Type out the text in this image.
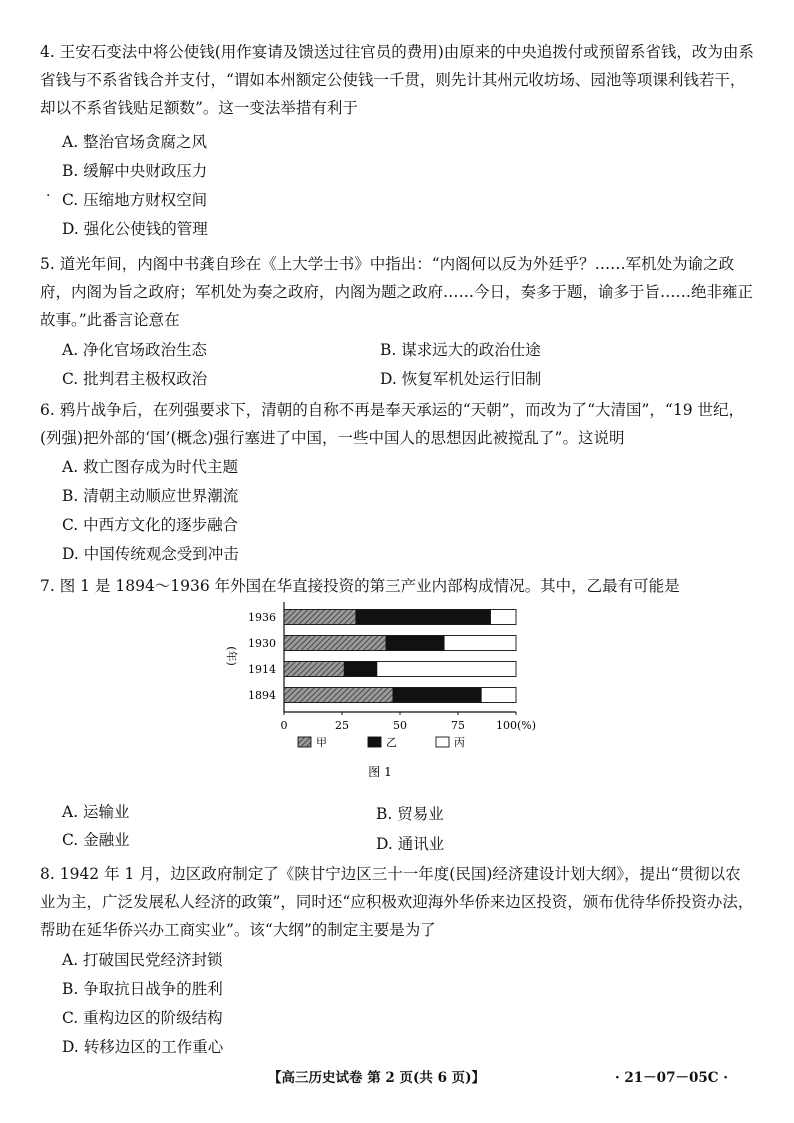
4. 王安石变法中将公使钱(用作宴请及馈送过往官员的费用)由原来的中央追拨付或预留系省钱，改为由系省钱与不系省钱合并支付，“谓如本州额定公使钱一千贯，则先计其州元收坊场、园池等项课利钱若干，却以不系省钱贴足额数”。这一变法举措有利于

A. 整治官场贪腐之风
B. 缓解中央财政压力
· C. 压缩地方财权空间
D. 强化公使钱的管理

5. 道光年间，内阁中书龚自珍在《上大学士书》中指出：“内阁何以反为外廷乎？……军机处为谕之政府，内阁为旨之政府；军机处为奏之政府，内阁为题之政府……今日，奏多于题，谕多于旨……绝非雍正故事。”此番言论意在

A. 净化官场政治生态	B. 谋求远大的政治仕途
C. 批判君主极权政治	D. 恢复军机处运行旧制

6. 鸦片战争后，在列强要求下，清朝的自称不再是奉天承运的“天朝”，而改为了“大清国”，“19 世纪，(列强)把外部的‘国’(概念)强行塞进了中国，一些中国人的思想因此被搅乱了”。这说明

A. 救亡图存成为时代主题
B. 清朝主动顺应世界潮流
C. 中西方文化的逐步融合
D. 中国传统观念受到冲击

7. 图 1 是 1894～1936 年外国在华直接投资的第三产业内部构成情况。其中，乙最有可能是

0	25	50	75	100(%)
1936
1930
1914
1894
(年)
甲	乙	丙
图 1
A. 运输业	B. 贸易业
C. 金融业	D. 通讯业

8. 1942 年 1 月，边区政府制定了《陕甘宁边区三十一年度(民国)经济建设计划大纲》，提出“贯彻以农业为主，广泛发展私人经济的政策”，同时还“应积极欢迎海外华侨来边区投资，颁布优待华侨投资办法，帮助在延华侨兴办工商实业”。该“大纲”的制定主要是为了

A. 打破国民党经济封锁
B. 争取抗日战争的胜利
C. 重构边区的阶级结构
D. 转移边区的工作重心
【高三历史试卷 第 2 页(共 6 页)】	· 21－07－05C ·
